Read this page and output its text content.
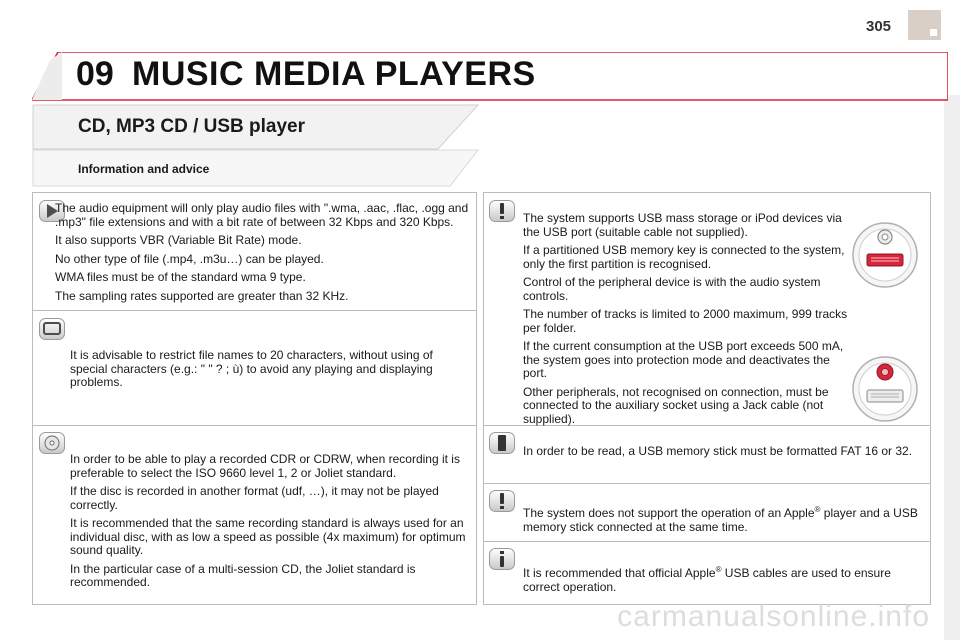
305
09 MUSIC MEDIA PLAYERS
CD, MP3 CD / USB player
Information and advice

The audio equipment will only play audio files with ".wma, .aac, .flac, .ogg and .mp3" file extensions and with a bit rate of between 32 Kbps and 320 Kbps.

It also supports VBR (Variable Bit Rate) mode.

No other type of file (.mp4, .m3u…) can be played.

WMA files must be of the standard wma 9 type.

The sampling rates supported are greater than 32 KHz.

It is advisable to restrict file names to 20 characters, without using of special characters (e.g.: " " ? ; ù) to avoid any playing and displaying problems.

In order to be able to play a recorded CDR or CDRW, when recording it is preferable to select the ISO 9660 level 1, 2 or Joliet standard.

If the disc is recorded in another format (udf, …), it may not be played correctly.

It is recommended that the same recording standard is always used for an individual disc, with as low a speed as possible (4x maximum) for optimum sound quality.

In the particular case of a multi-session CD, the Joliet standard is recommended.

The system supports USB mass storage or iPod devices via the USB port (suitable cable not supplied).

If a partitioned USB memory key is connected to the system, only the first partition is recognised.

Control of the peripheral device is with the audio system controls.

The number of tracks is limited to 2000 maximum, 999 tracks per folder.

If the current consumption at the USB port exceeds 500 mA, the system goes into protection mode and deactivates the port.

Other peripherals, not recognised on connection, must be connected to the auxiliary socket using a Jack cable (not supplied).

In order to be read, a USB memory stick must be formatted FAT 16 or 32.

The system does not support the operation of an Apple® player and a USB memory stick connected at the same time.

It is recommended that official Apple® USB cables are used to ensure correct operation.

carmanualsonline.info
